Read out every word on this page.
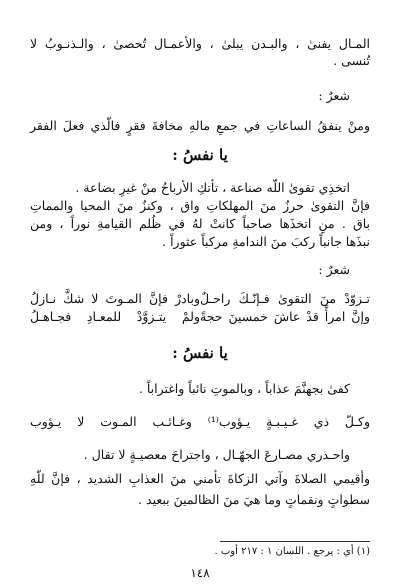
المـال يفنىٰ ، والبـدن يبلىٰ ، والأعمـال تُحصىٰ ، والـذنـوبُ لا
تُنسى .
شعرٌ :
ومنْ ينفقُ الساعاتِ في جمعِ مالهِ مخافةَ فقرٍ فالّذي فعلَ الفقر
يا نفسُ :
اتخذِي تقوىٰ اللّه صناعة ، تأتكِ الأرباحُ منْ غيرِ بضاعة .
فإنَّ التقوىٰ حرزٌ منَ المهلكاتِ واق ، وكنزٌ منَ المحيا والمماتِ
باق . منِ اتخذَها صاحباً كانتْ لهُ في ظُلم القيامةِ نوراً ، ومن
نبذَها جانباً ركبَ منَ الندامةِ مركباً عثوراً .
شعرٌ :
تـزوّدْ منَ التقوىٰ فـإنّـكَ راحـلٌ
وبادرْ فإنَّ المـوتَ لا شكَّ نـازلُ
وإنَّ امرأً قدْ عاشَ خمسينَ حجةً
ولمْ يتـزوَّدْ للمعـادِ فجـاهـلُ
يا نفسُ :
كفىٰ بجهنَّمَ عذاباً ، وبالموتِ نائباً واغتراباً .
وكـلّ ذي غـيـبـةٍ يـؤوب⁽¹⁾ وغـائـب المـوت لا يـؤوب
واحـذري مصـارعَ الجهّـال ، واجتراحَ معصيـةٍ لا تقال .
وأقيمي الصلاةَ وآتي الزكاةَ تأمني منَ العذابِ الشديد ، فإنَّ للّهِ
سطواتٍ ونقماتٍ وما هيَ منَ الظالمينَ ببعيد .
(١) أي : يرجع . اللسان ١ : ٢١٧ أوب .
١٤٨
